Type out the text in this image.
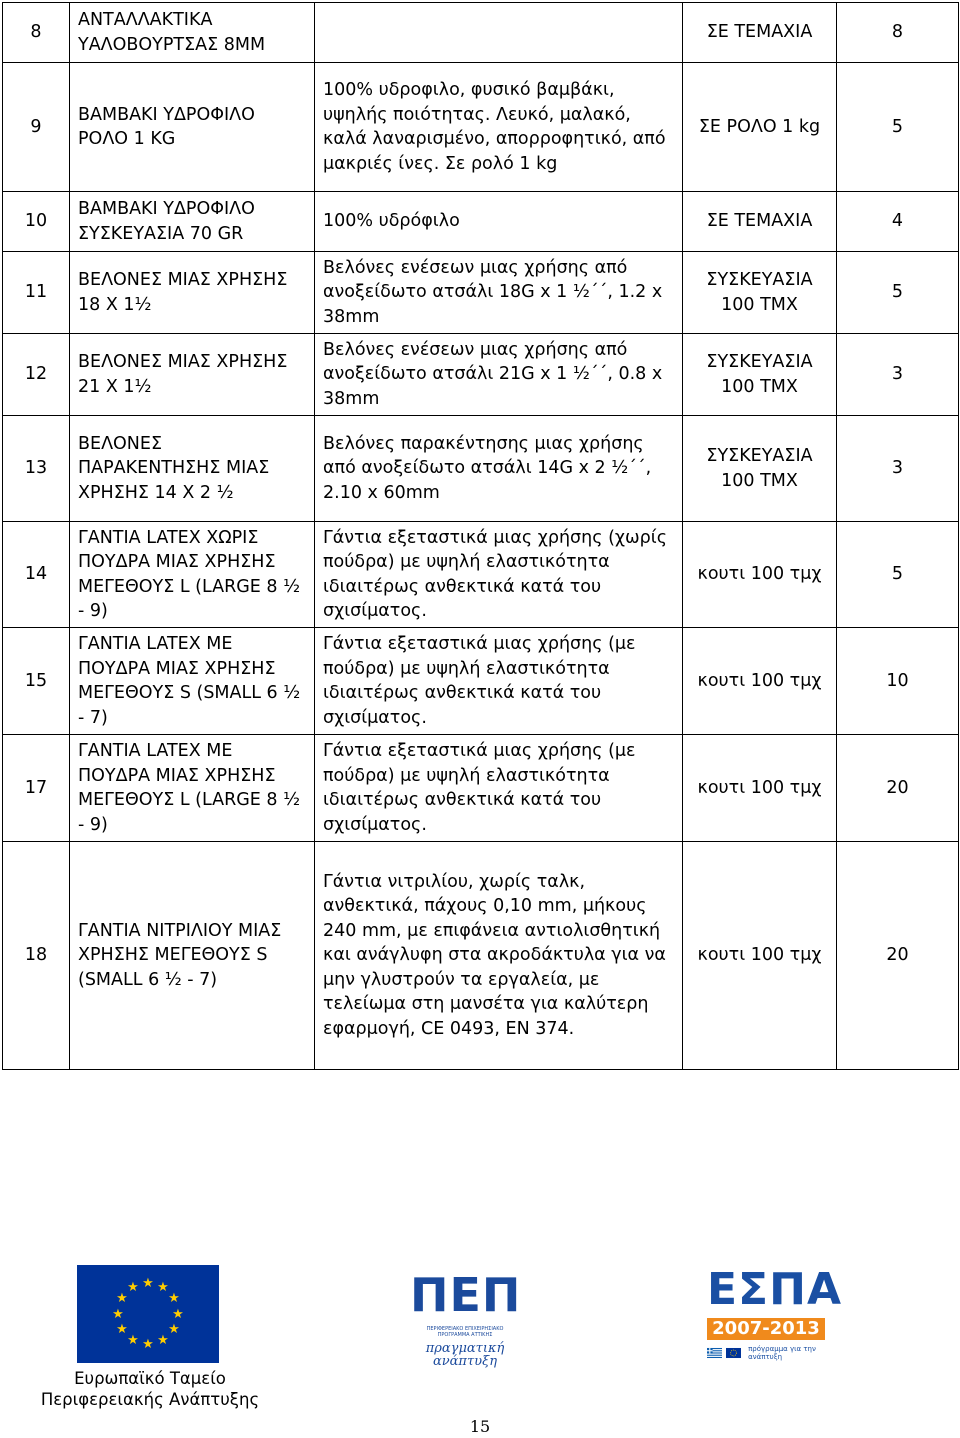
8	ΑΝΤΑΛΛΑΚΤΙΚΑ ΥΑΛΟΒΟΥΡΤΣΑΣ 8MM		ΣΕ ΤΕΜΑΧΙΑ	8
9	ΒΑΜΒΑΚΙ ΥΔΡΟΦΙΛΟ ΡΟΛΟ 1 KG	100% υδροφιλο, φυσικό βαμβάκι, υψηλής ποιότητας. Λευκό, μαλακό, καλά λαναρισμένο, απορροφητικό, από μακριές ίνες. Σε ρολό 1 kg	ΣΕ ΡΟΛΟ 1 kg	5
10	ΒΑΜΒΑΚΙ ΥΔΡΟΦΙΛΟ ΣΥΣΚΕΥΑΣΙΑ 70 GR	100% υδρόφιλο	ΣΕ ΤΕΜΑΧΙΑ	4
11	ΒΕΛΟΝΕΣ ΜΙΑΣ ΧΡΗΣΗΣ 18 Χ 1½	Βελόνες ενέσεων μιας χρήσης από ανοξείδωτο ατσάλι 18G x 1 ½΄΄, 1.2 x 38mm	ΣΥΣΚΕΥΑΣΙΑ 100 ΤΜΧ	5
12	ΒΕΛΟΝΕΣ ΜΙΑΣ ΧΡΗΣΗΣ 21 Χ 1½	Βελόνες ενέσεων μιας χρήσης από ανοξείδωτο ατσάλι 21G x 1 ½΄΄, 0.8 x 38mm	ΣΥΣΚΕΥΑΣΙΑ 100 ΤΜΧ	3
13	ΒΕΛΟΝΕΣ ΠΑΡΑΚΕΝΤΗΣΗΣ ΜΙΑΣ ΧΡΗΣΗΣ 14 Χ 2 ½	Βελόνες παρακέντησης μιας χρήσης από ανοξείδωτο ατσάλι 14G x 2 ½΄΄, 2.10 x 60mm	ΣΥΣΚΕΥΑΣΙΑ 100 ΤΜΧ	3
14	ΓΑΝΤΙΑ LATEX ΧΩΡΙΣ ΠΟΥΔΡΑ ΜΙΑΣ ΧΡΗΣΗΣ ΜΕΓΕΘΟΥΣ L (LARGE 8 ½ - 9)	Γάντια εξεταστικά μιας χρήσης (χωρίς πούδρα) με υψηλή ελαστικότητα ιδιαιτέρως ανθεκτικά κατά του σχισίματος.	κουτι 100 τμχ	5
15	ΓΑΝΤΙΑ LATEX ΜΕ ΠΟΥΔΡΑ ΜΙΑΣ ΧΡΗΣΗΣ ΜΕΓΕΘΟΥΣ S (SMALL 6 ½ - 7)	Γάντια εξεταστικά μιας χρήσης (με πούδρα) με υψηλή ελαστικότητα ιδιαιτέρως ανθεκτικά κατά του σχισίματος.	κουτι 100 τμχ	10
17	ΓΑΝΤΙΑ LATEX ΜΕ ΠΟΥΔΡΑ ΜΙΑΣ ΧΡΗΣΗΣ ΜΕΓΕΘΟΥΣ L (LARGE 8 ½ - 9)	Γάντια εξεταστικά μιας χρήσης (με πούδρα) με υψηλή ελαστικότητα ιδιαιτέρως ανθεκτικά κατά του σχισίματος.	κουτι 100 τμχ	20
18	ΓΑΝΤΙΑ ΝΙΤΡΙΛΙΟΥ ΜΙΑΣ ΧΡΗΣΗΣ ΜΕΓΕΘΟΥΣ S (SMALL 6 ½ - 7)	Γάντια νιτριλίου, χωρίς ταλκ, ανθεκτικά, πάχους 0,10 mm, μήκους 240 mm, με επιφάνεια αντιολισθητική και ανάγλυφη στα ακροδάκτυλα για να μην γλυστρούν τα εργαλεία, με τελείωμα στη μανσέτα για καλύτερη εφαρμογή, CE 0493, EN 374.	κουτι 100 τμχ	20
★ ★
★
★
★
★
★
★
★
★
★
★
Ευρωπαϊκό Ταμείο
Περιφερειακής Ανάπτυξης
ΠΕΠ
ΠΕΡΙΦΕΡΕΙΑΚΟ ΕΠΙΧΕΙΡΗΣΙΑΚΟ ΠΡΟΓΡΑΜΜΑ ΑΤΤΙΚΗΣ
πραγματική ανάπτυξη
ΕΣΠΑ
2007-2013
πρόγραμμα για την ανάπτυξη
15
